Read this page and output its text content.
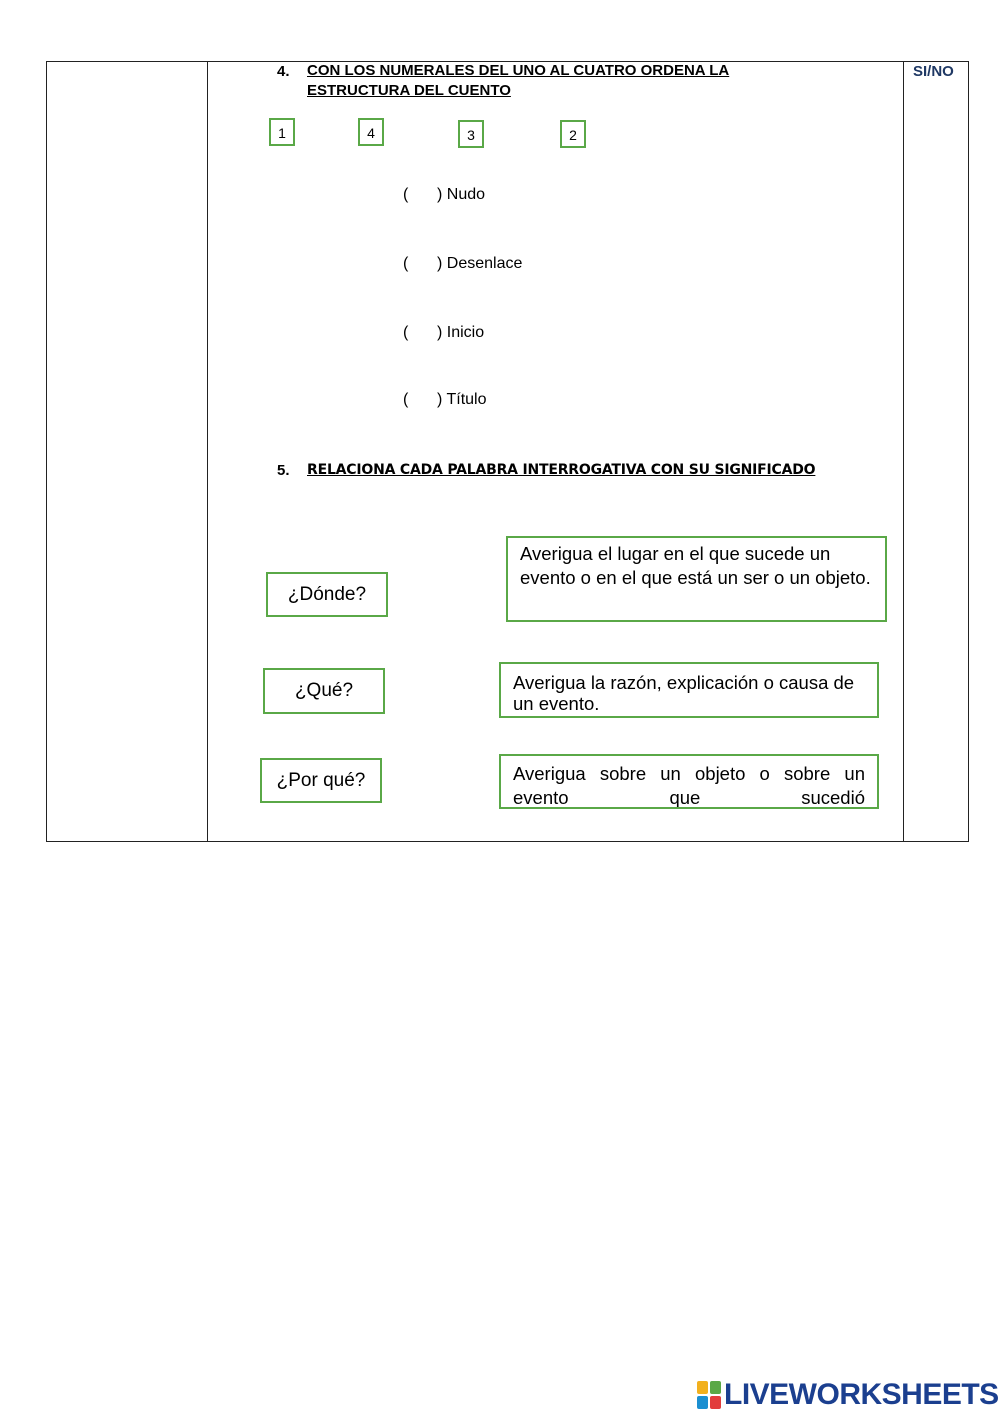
SI/NO
4. CON LOS NUMERALES DEL UNO AL CUATRO ORDENA LA
ESTRUCTURA DEL CUENTO
1	4	3	2
( ) Nudo
( ) Desenlace
( ) Inicio
( ) Título
5. RELACIONA CADA PALABRA INTERROGATIVA CON SU SIGNIFICADO
¿Dónde?
¿Qué?
¿Por qué?
Averigua el lugar en el que sucede un evento o en el que está un ser o un objeto.
Averigua la razón, explicación o causa de un evento.
Averigua sobre un objeto o sobre un evento que sucedió
LIVEWORKSHEETS
